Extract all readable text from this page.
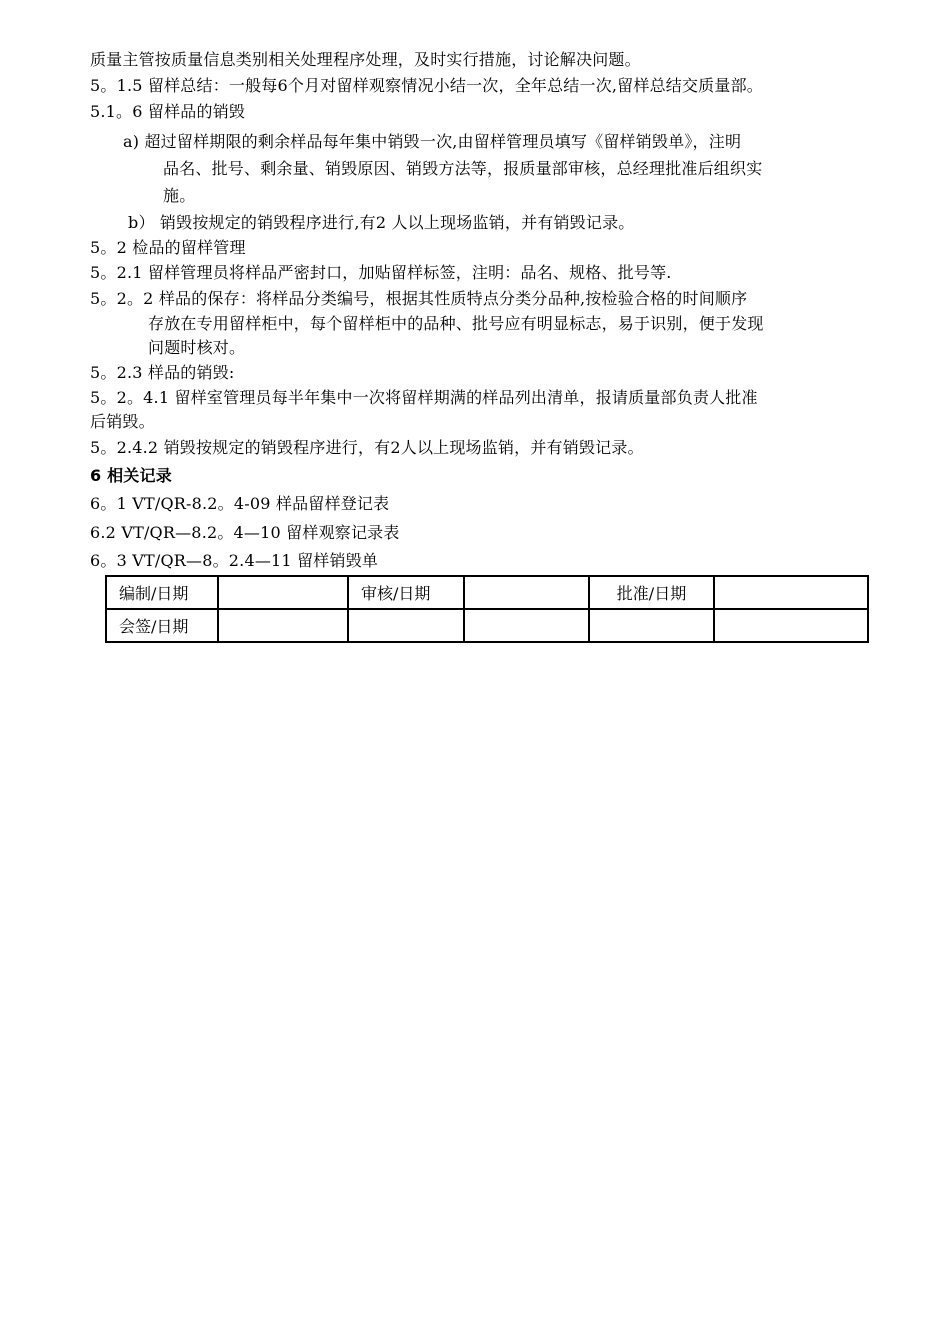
质量主管按质量信息类别相关处理程序处理，及时实行措施，讨论解决问题。
5。1.5 留样总结：一般每6个月对留样观察情况小结一次，全年总结一次,留样总结交质量部。
5.1。6 留样品的销毁
a) 超过留样期限的剩余样品每年集中销毁一次,由留样管理员填写《留样销毁单》，注明
品名、批号、剩余量、销毁原因、销毁方法等，报质量部审核，总经理批准后组织实
施。
b） 销毁按规定的销毁程序进行,有2 人以上现场监销，并有销毁记录。
5。2 检品的留样管理
5。2.1 留样管理员将样品严密封口，加贴留样标签，注明：品名、规格、批号等.
5。2。2 样品的保存：将样品分类编号，根据其性质特点分类分品种,按检验合格的时间顺序
存放在专用留样柜中，每个留样柜中的品种、批号应有明显标志，易于识别，便于发现
问题时核对。
5。2.3 样品的销毁:
5。2。4.1 留样室管理员每半年集中一次将留样期满的样品列出清单，报请质量部负责人批准
后销毁。
5。2.4.2 销毁按规定的销毁程序进行，有2人以上现场监销，并有销毁记录。
6 相关记录
6。1 VT/QR-8.2。4-09 样品留样登记表
6.2 VT/QR—8.2。4—10 留样观察记录表
6。3 VT/QR—8。2.4—11 留样销毁单
编制/日期		审核/日期		批准/日期	
会签/日期					
